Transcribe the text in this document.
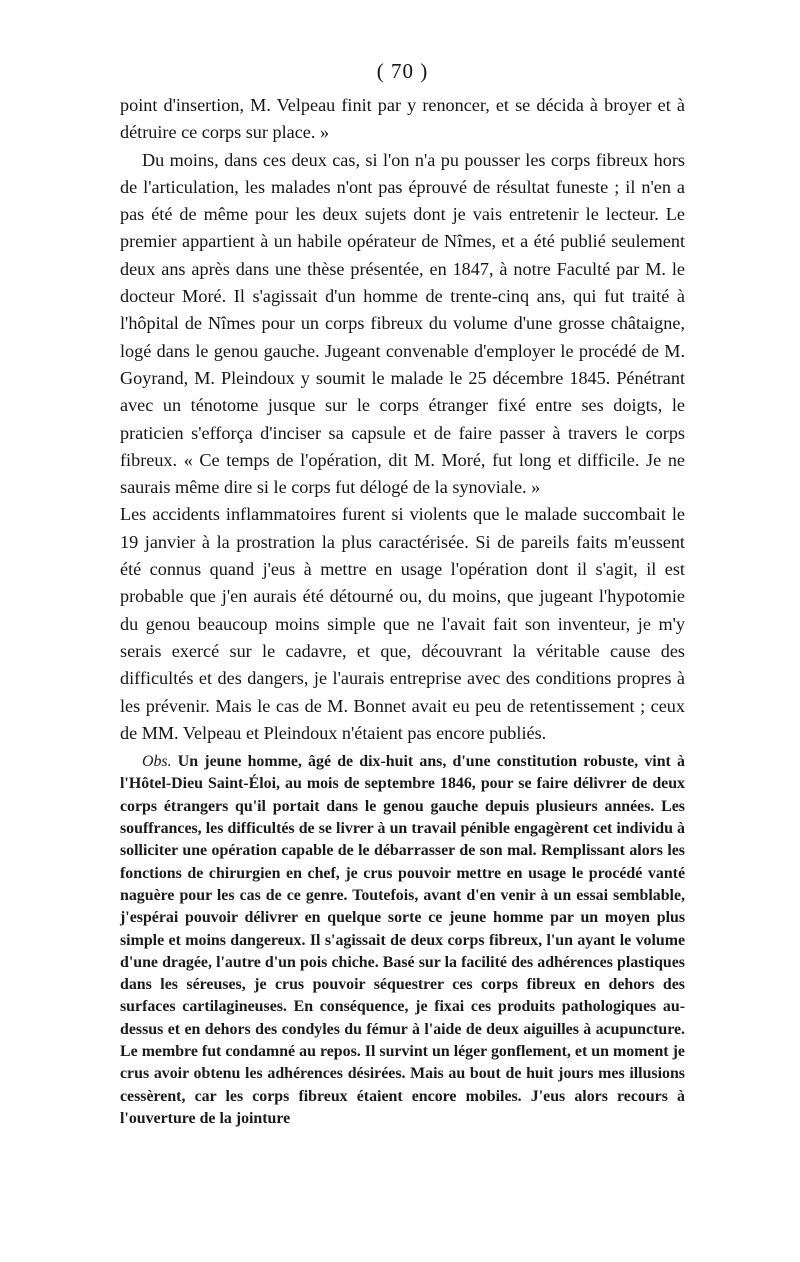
( 70 )

point d'insertion, M. Velpeau finit par y renoncer, et se décida à broyer et à détruire ce corps sur place. »

Du moins, dans ces deux cas, si l'on n'a pu pousser les corps fibreux hors de l'articulation, les malades n'ont pas éprouvé de résultat funeste ; il n'en a pas été de même pour les deux sujets dont je vais entretenir le lecteur. Le premier appartient à un habile opérateur de Nîmes, et a été publié seulement deux ans après dans une thèse présentée, en 1847, à notre Faculté par M. le docteur Moré. Il s'agissait d'un homme de trente-cinq ans, qui fut traité à l'hôpital de Nîmes pour un corps fibreux du volume d'une grosse châtaigne, logé dans le genou gauche. Jugeant convenable d'employer le procédé de M. Goyrand, M. Pleindoux y soumit le malade le 25 décembre 1845. Pénétrant avec un ténotome jusque sur le corps étranger fixé entre ses doigts, le praticien s'efforça d'inciser sa capsule et de faire passer à travers le corps fibreux. « Ce temps de l'opération, dit M. Moré, fut long et difficile. Je ne saurais même dire si le corps fut délogé de la synoviale. »

Les accidents inflammatoires furent si violents que le malade succombait le 19 janvier à la prostration la plus caractérisée. Si de pareils faits m'eussent été connus quand j'eus à mettre en usage l'opération dont il s'agit, il est probable que j'en aurais été détourné ou, du moins, que jugeant l'hypotomie du genou beaucoup moins simple que ne l'avait fait son inventeur, je m'y serais exercé sur le cadavre, et que, découvrant la véritable cause des difficultés et des dangers, je l'aurais entreprise avec des conditions propres à les prévenir. Mais le cas de M. Bonnet avait eu peu de retentissement ; ceux de MM. Velpeau et Pleindoux n'étaient pas encore publiés.

Obs. Un jeune homme, âgé de dix-huit ans, d'une constitution robuste, vint à l'Hôtel-Dieu Saint-Éloi, au mois de septembre 1846, pour se faire délivrer de deux corps étrangers qu'il portait dans le genou gauche depuis plusieurs années. Les souffrances, les difficultés de se livrer à un travail pénible engagèrent cet individu à solliciter une opération capable de le débarrasser de son mal. Remplissant alors les fonctions de chirurgien en chef, je crus pouvoir mettre en usage le procédé vanté naguère pour les cas de ce genre. Toutefois, avant d'en venir à un essai semblable, j'espérai pouvoir délivrer en quelque sorte ce jeune homme par un moyen plus simple et moins dangereux. Il s'agissait de deux corps fibreux, l'un ayant le volume d'une dragée, l'autre d'un pois chiche. Basé sur la facilité des adhérences plastiques dans les séreuses, je crus pouvoir séquestrer ces corps fibreux en dehors des surfaces cartilagineuses. En conséquence, je fixai ces produits pathologiques au-dessus et en dehors des condyles du fémur à l'aide de deux aiguilles à acupuncture. Le membre fut condamné au repos. Il survint un léger gonflement, et un moment je crus avoir obtenu les adhérences désirées. Mais au bout de huit jours mes illusions cessèrent, car les corps fibreux étaient encore mobiles. J'eus alors recours à l'ouverture de la jointure
